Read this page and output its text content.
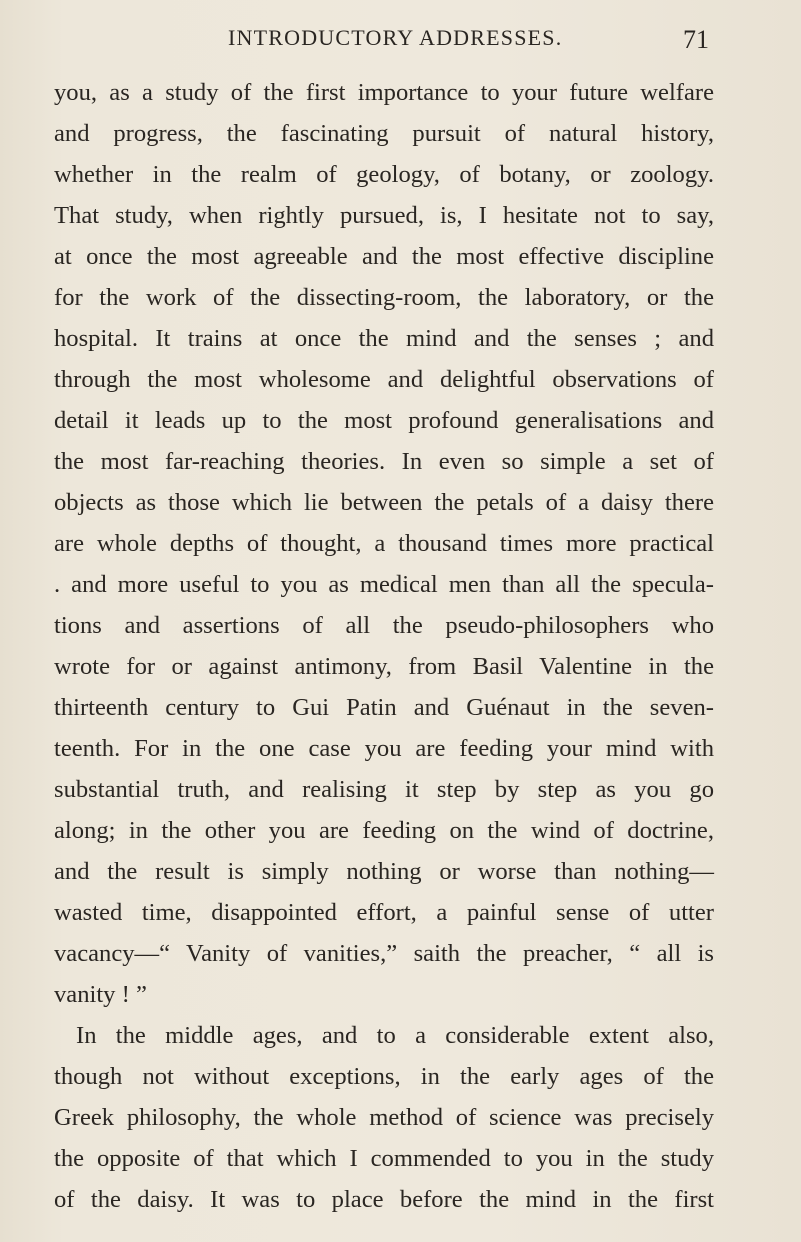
INTRODUCTORY ADDRESSES.	71
you, as a study of the first importance to your future welfare
and progress, the fascinating pursuit of natural history,
whether in the realm of geology, of botany, or zoology.
That study, when rightly pursued, is, I hesitate not to say,
at once the most agreeable and the most effective discipline
for the work of the dissecting-room, the laboratory, or the
hospital. It trains at once the mind and the senses ; and
through the most wholesome and delightful observations of
detail it leads up to the most profound generalisations and
the most far-reaching theories. In even so simple a set of
objects as those which lie between the petals of a daisy there
are whole depths of thought, a thousand times more practical
. and more useful to you as medical men than all the specula-
tions and assertions of all the pseudo-philosophers who
wrote for or against antimony, from Basil Valentine in the
thirteenth century to Gui Patin and Guénaut in the seven-
teenth. For in the one case you are feeding your mind with
substantial truth, and realising it step by step as you go
along; in the other you are feeding on the wind of doctrine,
and the result is simply nothing or worse than nothing—
wasted time, disappointed effort, a painful sense of utter
vacancy—“ Vanity of vanities,” saith the preacher, “ all is
vanity ! ”
In the middle ages, and to a considerable extent also,
though not without exceptions, in the early ages of the
Greek philosophy, the whole method of science was precisely
the opposite of that which I commended to you in the study
of the daisy. It was to place before the mind in the first
